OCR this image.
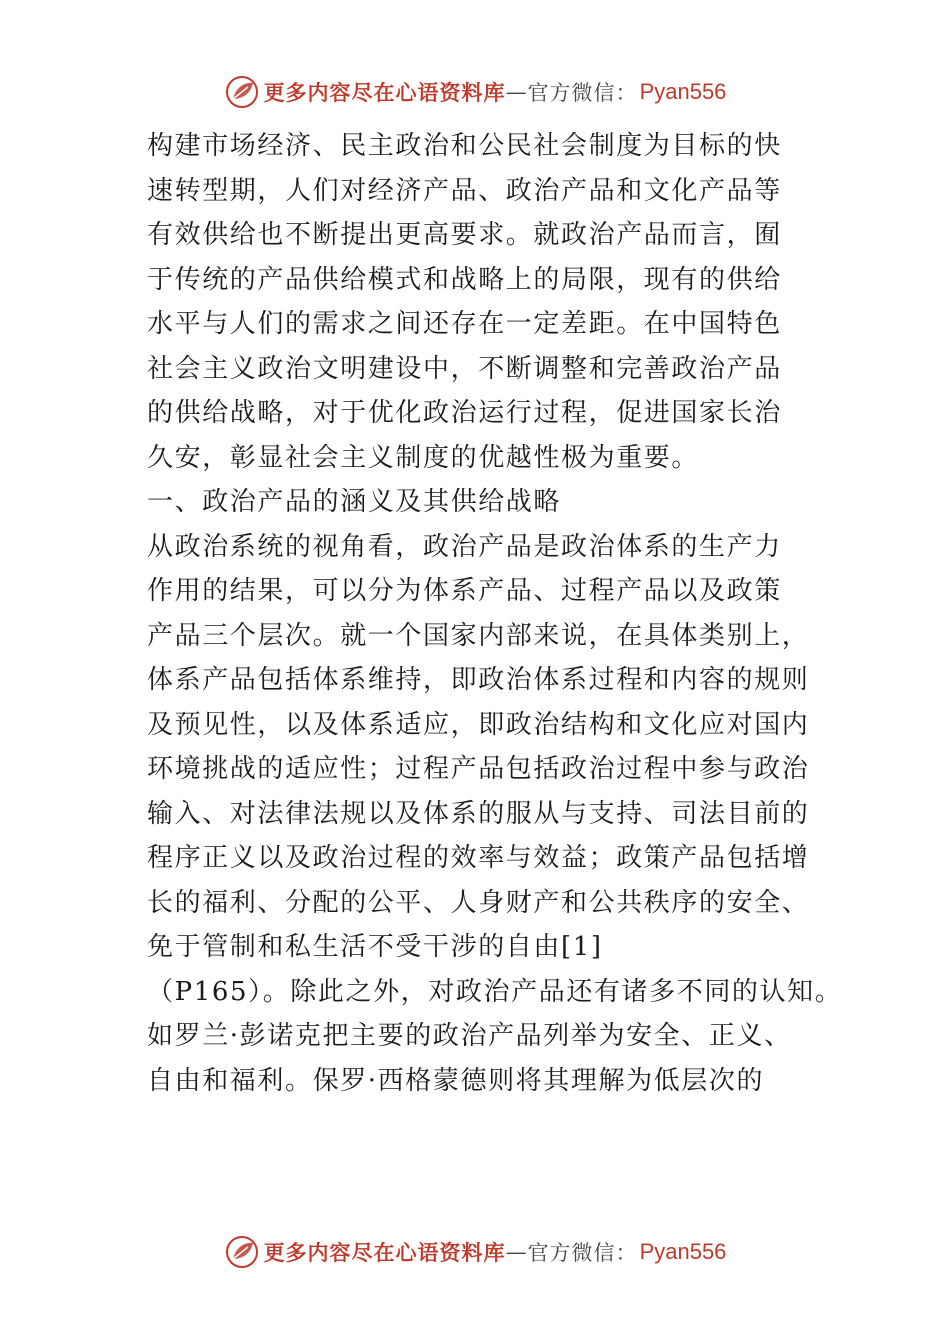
更多内容尽在心语资料库 — 官方微信： Pyan556
构建市场经济、民主政治和公民社会制度为目标的快
速转型期，人们对经济产品、政治产品和文化产品等
有效供给也不断提出更高要求。就政治产品而言，囿
于传统的产品供给模式和战略上的局限，现有的供给
水平与人们的需求之间还存在一定差距。在中国特色
社会主义政治文明建设中，不断调整和完善政治产品
的供给战略，对于优化政治运行过程，促进国家长治
久安，彰显社会主义制度的优越性极为重要。
一、政治产品的涵义及其供给战略
从政治系统的视角看，政治产品是政治体系的生产力
作用的结果，可以分为体系产品、过程产品以及政策
产品三个层次。就一个国家内部来说，在具体类别上，
体系产品包括体系维持，即政治体系过程和内容的规则
及预见性，以及体系适应，即政治结构和文化应对国内
环境挑战的适应性；过程产品包括政治过程中参与政治
输入、对法律法规以及体系的服从与支持、司法目前的
程序正义以及政治过程的效率与效益；政策产品包括增
长的福利、分配的公平、人身财产和公共秩序的安全、
免于管制和私生活不受干涉的自由[1]
（P165）。除此之外，对政治产品还有诸多不同的认知。
如罗兰·彭诺克把主要的政治产品列举为安全、正义、
自由和福利。保罗·西格蒙德则将其理解为低层次的
更多内容尽在心语资料库 — 官方微信： Pyan556
